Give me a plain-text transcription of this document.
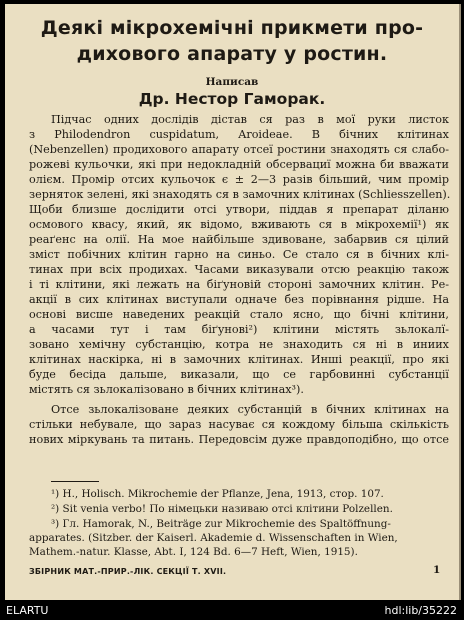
Деякі мікрохемічні прикмети про-
дихового апарату у ростин.
Написав
Др. Нестор Гаморак.
Підчас одних дослідів дістав ся раз в мої руки листок
з Philodendron cuspidatum, Aroideae. В бічних клітинах
(Nebenzellen) продихового апарату отсеї ростини знаходять ся слабо-
рожеві кульочки, які при недокладній обсервациї можна би вважати
олієм. Промір отсих кульочок є ± 2—3 разів більший, чим промір
зерняток зелені, які знаходять ся в замочних клітинах (Schliesszellen).
Щоби близше дослідити отсі утвори, піддав я препарат діланю
осмового квасу, який, як відомо, вживають ся в мікрохемії¹) як
реаґенс на олії. На мое найбільше здивоване, забарвив ся цілий
зміст побічних клітин гарно на синьо. Се стало ся в бічних клі-
тинах при всіх продихах. Часами виказували отсю реакцію також
і ті клітини, які лежать на біґуновій стороні замочних клітин. Ре-
акції в сих клітинах виступали одначе без порівнання рідше. На
основі висше наведених реакцій стало ясно, що бічні клітини,
а часами тут і там біґунові²) клітини містять зьлокалї-
зовано хемічну субстанцію, котра не знаходить ся ні в иниих
клітинах наскірка, ні в замочних клітинах. Инші реакції, про які
буде бесіда дальше, виказали, що се гарбовинні субстанції
містять ся зьлокалізовано в бічних клітинах³).
Отсе зьлокалізоване деяких субстанцій в бічних клітинах на
стільки небувале, що зараз насуває ся кождому більша скількість
нових міркувань та питань. Передовсім дуже правдоподібно, що отсе
¹) Н., Holisch. Mikrochemie der Pflanze, Jena, 1913, стор. 107.
²) Sit venia verbo! По німецьки називаю отсі клітини Polzellen.
³) Гл. Hamorak, N., Beiträge zur Mikrochemie des Spaltöffnung-
apparates. (Sitzber. der Kaiserl. Akademie d. Wissenschaften in Wien,
Mathem.-natur. Klasse, Abt. I, 124 Bd. 6—7 Heft, Wien, 1915).
ЗБІРНИК МАТ.-ПРИР.-ЛІК. СЕКЦІЇ Т. XVII.	1
ELARTU	hdl:lib/35222
